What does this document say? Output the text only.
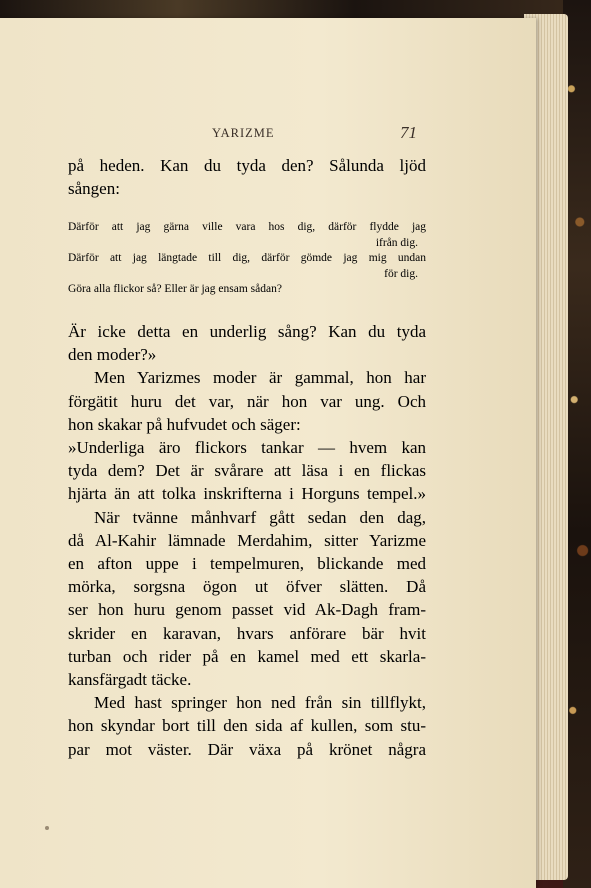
YARIZME	71
på heden. Kan du tyda den? Sålunda ljöd
sången:
Därför att jag gärna ville vara hos dig, därför flydde jag
ifrån dig.
Därför att jag längtade till dig, därför gömde jag mig undan
för dig.
Göra alla flickor så? Eller är jag ensam sådan?
Är icke detta en underlig sång? Kan du tyda
den moder?»
Men Yarizmes moder är gammal, hon har
förgätit huru det var, när hon var ung. Och
hon skakar på hufvudet och säger:
»Underliga äro flickors tankar — hvem kan
tyda dem? Det är svårare att läsa i en flickas
hjärta än att tolka inskrifterna i Horguns tempel.»
När tvänne månhvarf gått sedan den dag,
då Al-Kahir lämnade Merdahim, sitter Yarizme
en afton uppe i tempelmuren, blickande med
mörka, sorgsna ögon ut öfver slätten. Då
ser hon huru genom passet vid Ak-Dagh fram-
skrider en karavan, hvars anförare bär hvit
turban och rider på en kamel med ett skarla-
kansfärgadt täcke.
Med hast springer hon ned från sin tillflykt,
hon skyndar bort till den sida af kullen, som stu-
par mot väster. Där växa på krönet några
